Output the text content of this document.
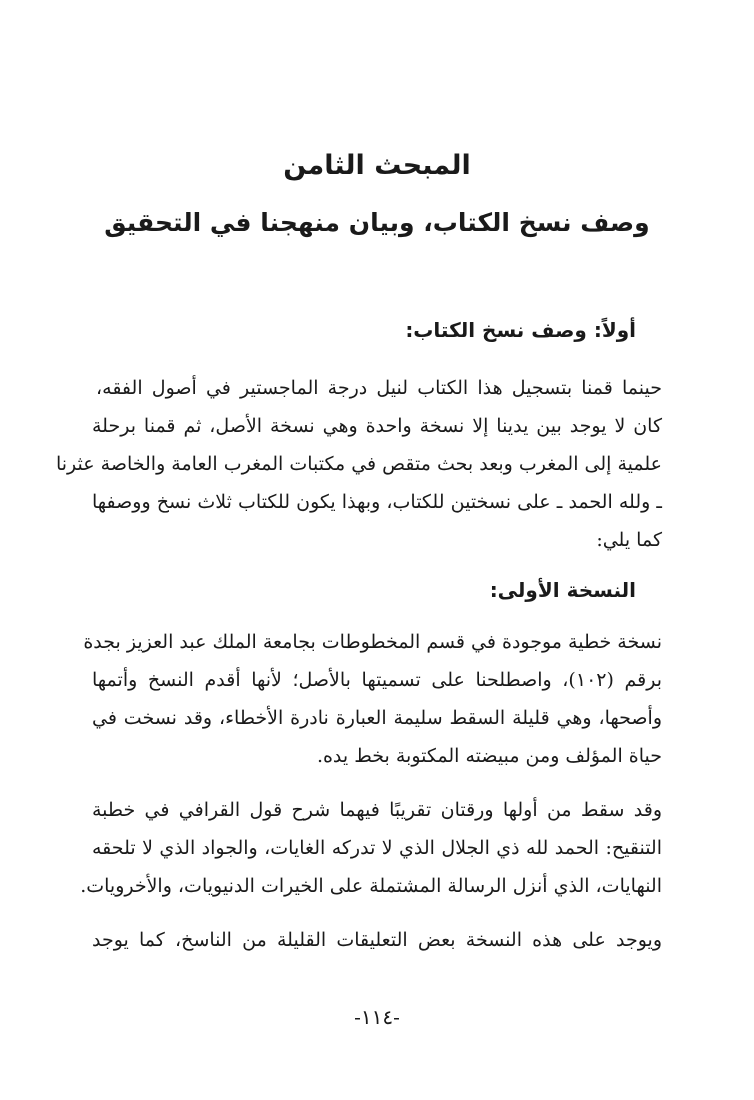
المبحث الثامن
وصف نسخ الكتاب، وبيان منهجنا في التحقيق
أولاً: وصف نسخ الكتاب:
حينما قمنا بتسجيل هذا الكتاب لنيل درجة الماجستير في أصول الفقه،
كان لا يوجد بين يدينا إلا نسخة واحدة وهي نسخة الأصل، ثم قمنا برحلة
علمية إلى المغرب وبعد بحث متقص في مكتبات المغرب العامة والخاصة عثرنا
ـ ولله الحمد ـ على نسختين للكتاب، وبهذا يكون للكتاب ثلاث نسخ ووصفها
كما يلي:
النسخة الأولى:
نسخة خطية موجودة في قسم المخطوطات بجامعة الملك عبد العزيز بجدة
برقم (١٠٢)، واصطلحنا على تسميتها بالأصل؛ لأنها أقدم النسخ وأتمها
وأصحها، وهي قليلة السقط سليمة العبارة نادرة الأخطاء، وقد نسخت في
حياة المؤلف ومن مبيضته المكتوبة بخط يده.
وقد سقط من أولها ورقتان تقريبًا فيهما شرح قول القرافي في خطبة
التنقيح: الحمد لله ذي الجلال الذي لا تدركه الغايات، والجواد الذي لا تلحقه
النهايات، الذي أنزل الرسالة المشتملة على الخيرات الدنيويات، والأخرويات.
ويوجد على هذه النسخة بعض التعليقات القليلة من الناسخ، كما يوجد
-١١٤-
